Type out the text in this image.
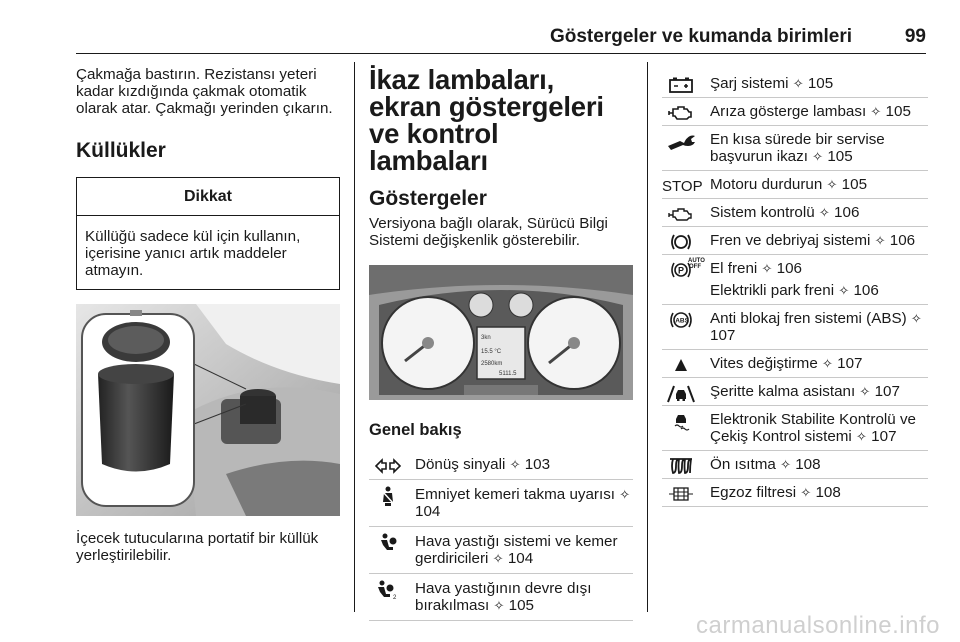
Göstergeler ve kumanda birimleri	99

Çakmağa bastırın. Rezistansı yeteri kadar kızdığında çakmak otomatik olarak atar. Çakmağı yerinden çıkarın.

Küllükler
Dikkat
Küllüğü sadece kül için kullanın, içerisine yanıcı artık maddeler atmayın.

İçecek tutucularına portatif bir küllük yerleştirilebilir.

İkaz lambaları, ekran göstergeleri ve kontrol lambaları
Göstergeler

Versiyona bağlı olarak, Sürücü Bilgi Sistemi değişkenlik gösterebilir.

3kn
15.5 °C
2580km
5111.5
Genel bakış
Dönüş sinyali ✧ 103
Emniyet kemeri takma uyarısı ✧ 104
Hava yastığı sistemi ve kemer gerdiricileri ✧ 104
2
Hava yastığının devre dışı bırakılması ✧ 105
Şarj sistemi ✧ 105
Arıza gösterge lambası ✧ 105
En kısa sürede bir servise başvurun ikazı ✧ 105
STOP Motoru durdurun ✧ 105
Sistem kontrolü ✧ 106
Fren ve debriyaj sistemi ✧ 106
P
AUTO OFF El freni ✧ 106
Elektrikli park freni ✧ 106
ABS Anti blokaj fren sistemi (ABS) ✧ 107
Vites değiştirme ✧ 107
Şeritte kalma asistanı ✧ 107
Elektronik Stabilite Kontrolü ve Çekiş Kontrol sistemi ✧ 107
Ön ısıtma ✧ 108
Egzoz filtresi ✧ 108
carmanualsonline.info
